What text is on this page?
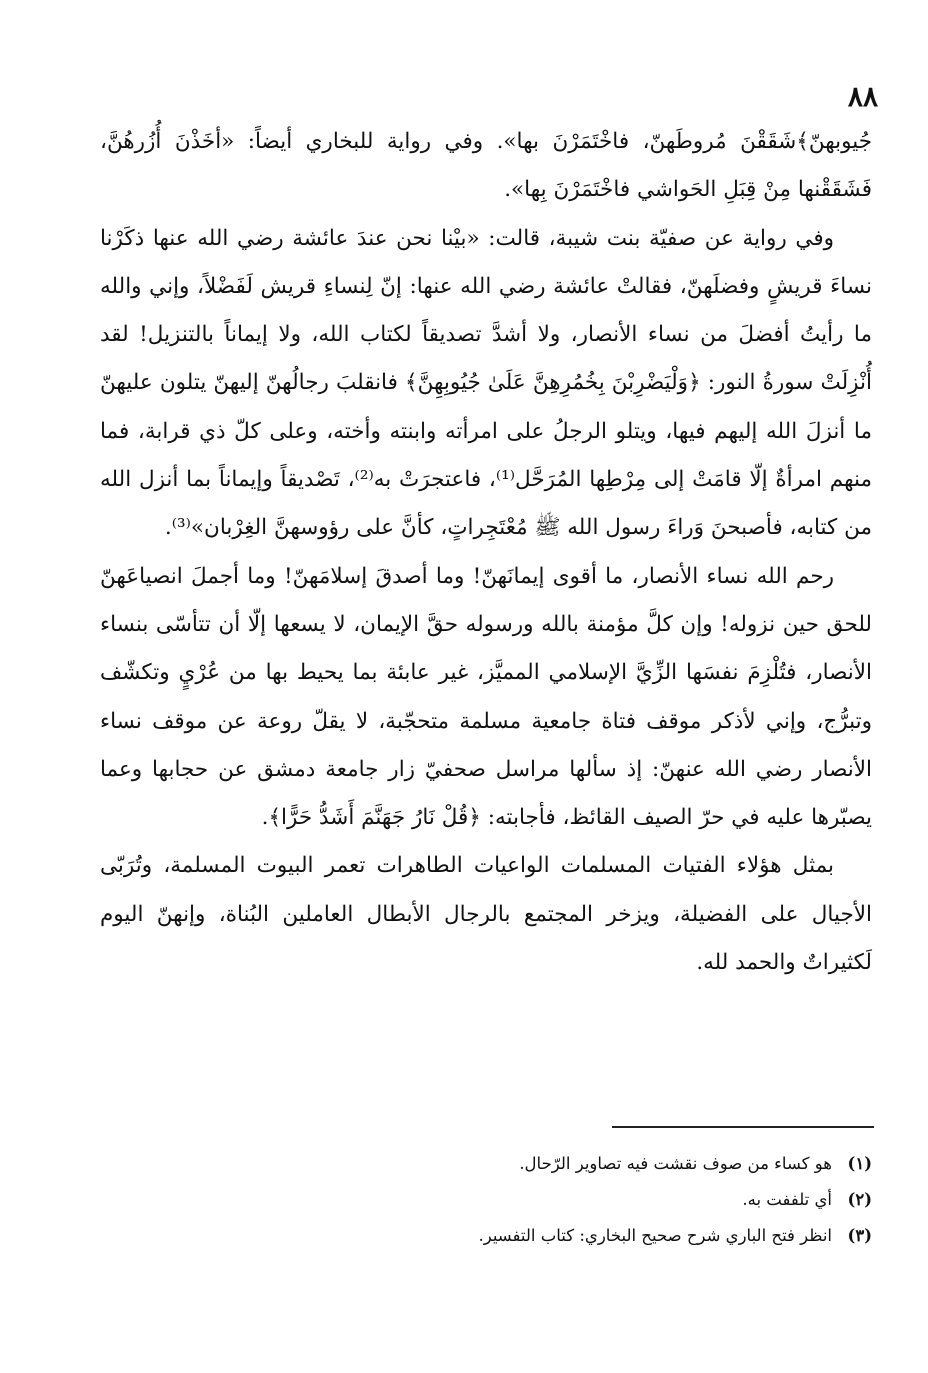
٨٨

جُيوبهنّ﴾شَقَقْنَ مُروطَهنّ، فاخْتَمَرْنَ بها». وفي رواية للبخاري أيضاً: «أخَذْنَ أُزُرهُنَّ، فَشَقَقْنها مِنْ قِبَلِ الحَواشي فاخْتَمَرْنَ بِها».

وفي رواية عن صفيّة بنت شيبة، قالت: «بيْنا نحن عندَ عائشة رضي الله عنها ذكَرْنا نساءَ قريشٍ وفضلَهنّ، فقالتْ عائشة رضي الله عنها: إنّ لِنساءِ قريش لَفَضْلاً، وإني والله ما رأيتُ أفضلَ من نساء الأنصار، ولا أشدَّ تصديقاً لكتاب الله، ولا إيماناً بالتنزيل! لقد أُنْزِلَتْ سورةُ النور: ﴿وَلْيَضْرِبْنَ بِخُمُرِهِنَّ عَلَىٰ جُيُوبِهِنَّ﴾ فانقلبَ رجالُهنّ إليهنّ يتلون عليهنّ ما أنزلَ الله إليهم فيها، ويتلو الرجلُ على امرأته وابنته وأخته، وعلى كلّ ذي قرابة، فما منهم امرأةٌ إلّا قامَتْ إلى مِرْطِها المُرَحَّل⁽¹⁾، فاعتجرَتْ به⁽²⁾، تَصْديقاً وإيماناً بما أنزل الله من كتابه، فأصبحنَ وَراءَ رسول الله ﷺ مُعْتَجِراتٍ، كأنَّ على رؤوسهنَّ الغِرْبان»⁽³⁾.

رحم الله نساء الأنصار، ما أقوى إيمانَهنّ! وما أصدقَ إسلامَهنّ! وما أجملَ انصياعَهنّ للحق حين نزوله! وإن كلَّ مؤمنة بالله ورسوله حقَّ الإيمان، لا يسعها إلّا أن تتأسّى بنساء الأنصار، فتُلْزِمَ نفسَها الزِّيَّ الإسلامي المميَّز، غير عابئة بما يحيط بها من عُرْيٍ وتكشّف وتبرُّج، وإني لأذكر موقف فتاة جامعية مسلمة متحجّبة، لا يقلّ روعة عن موقف نساء الأنصار رضي الله عنهنّ: إذ سألها مراسل صحفيّ زار جامعة دمشق عن حجابها وعما يصبّرها عليه في حرّ الصيف القائظ، فأجابته: ﴿قُلْ نَارُ جَهَنَّمَ أَشَدُّ حَرًّا﴾.

بمثل هؤلاء الفتيات المسلمات الواعيات الطاهرات تعمر البيوت المسلمة، وتُرَبّى الأجيال على الفضيلة، ويزخر المجتمع بالرجال الأبطال العاملين البُناة، وإنهنّ اليوم لَكثيراتٌ والحمد لله.

(١)
هو كساء من صوف نقشت فيه تصاوير الرّحال.
(٢)
أي تلففت به.
(٣)
انظر فتح الباري شرح صحيح البخاري: كتاب التفسير.
